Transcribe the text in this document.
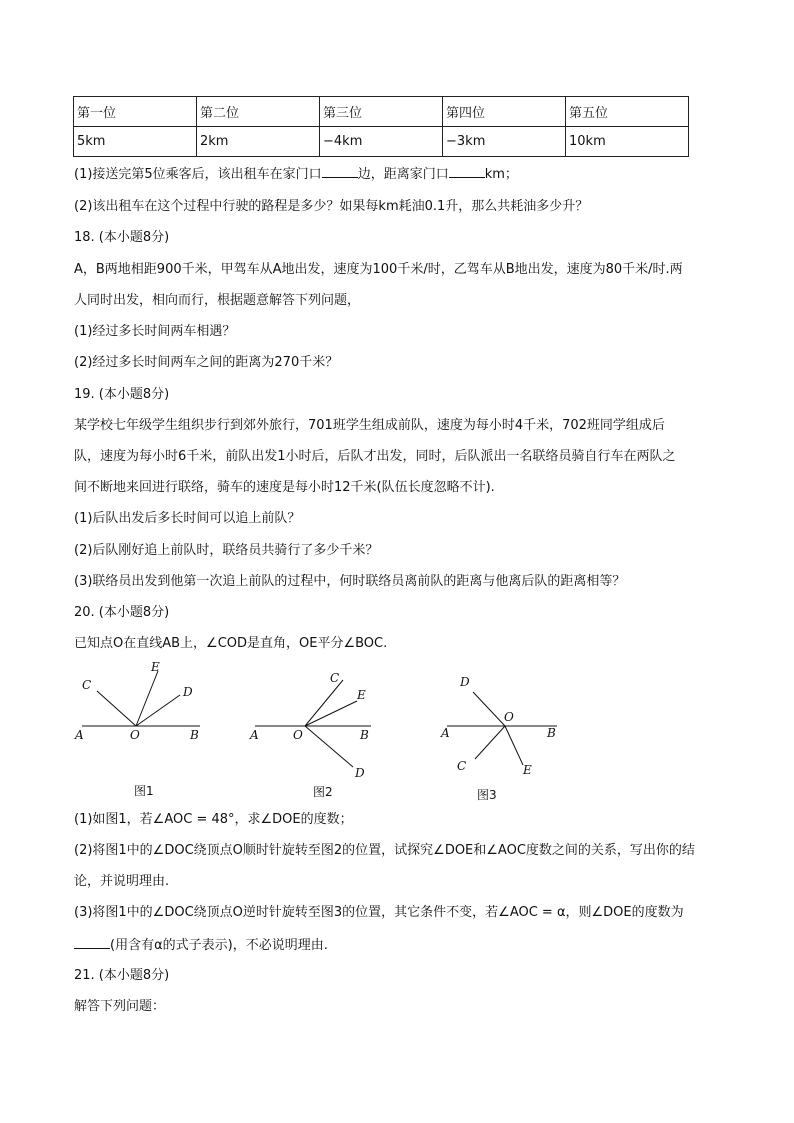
第一位	第二位	第三位	第四位	第五位
5km	2km	−4km	−3km	10km
(1)接送完第5位乘客后，该出租车在家门口	边，距离家门口	km；
(2)该出租车在这个过程中行驶的路程是多少？如果每km耗油0.1升，那么共耗油多少升？
18. (本小题8分)
A，B两地相距900千米，甲驾车从A地出发，速度为100千米/时，乙驾车从B地出发，速度为80千米/时.两
人同时出发，相向而行，根据题意解答下列问题，
(1)经过多长时间两车相遇？
(2)经过多长时间两车之间的距离为270千米？
19. (本小题8分)
某学校七年级学生组织步行到郊外旅行，701班学生组成前队，速度为每小时4千米，702班同学组成后
队，速度为每小时6千米，前队出发1小时后，后队才出发，同时，后队派出一名联络员骑自行车在两队之
间不断地来回进行联络，骑车的速度是每小时12千米(队伍长度忽略不计).
(1)后队出发后多长时间可以追上前队？
(2)后队刚好追上前队时，联络员共骑行了多少千米？
(3)联络员出发到他第一次追上前队的过程中，何时联络员离前队的距离与他离后队的距离相等？
20. (本小题8分)
已知点O在直线AB上，∠COD是直角，OE平分∠BOC.
A	O	B
C
E
D
图1
A	O	B
C
E
D
图2
A
O
B
D
C	E
图3
(1)如图1，若∠AOC = 48°，求∠DOE的度数；
(2)将图1中的∠DOC绕顶点O顺时针旋转至图2的位置，试探究∠DOE和∠AOC度数之间的关系，写出你的结
论，并说明理由.
(3)将图1中的∠DOC绕顶点O逆时针旋转至图3的位置，其它条件不变，若∠AOC = α，则∠DOE的度数为
(用含有α的式子表示)，不必说明理由.
21. (本小题8分)
解答下列问题：
